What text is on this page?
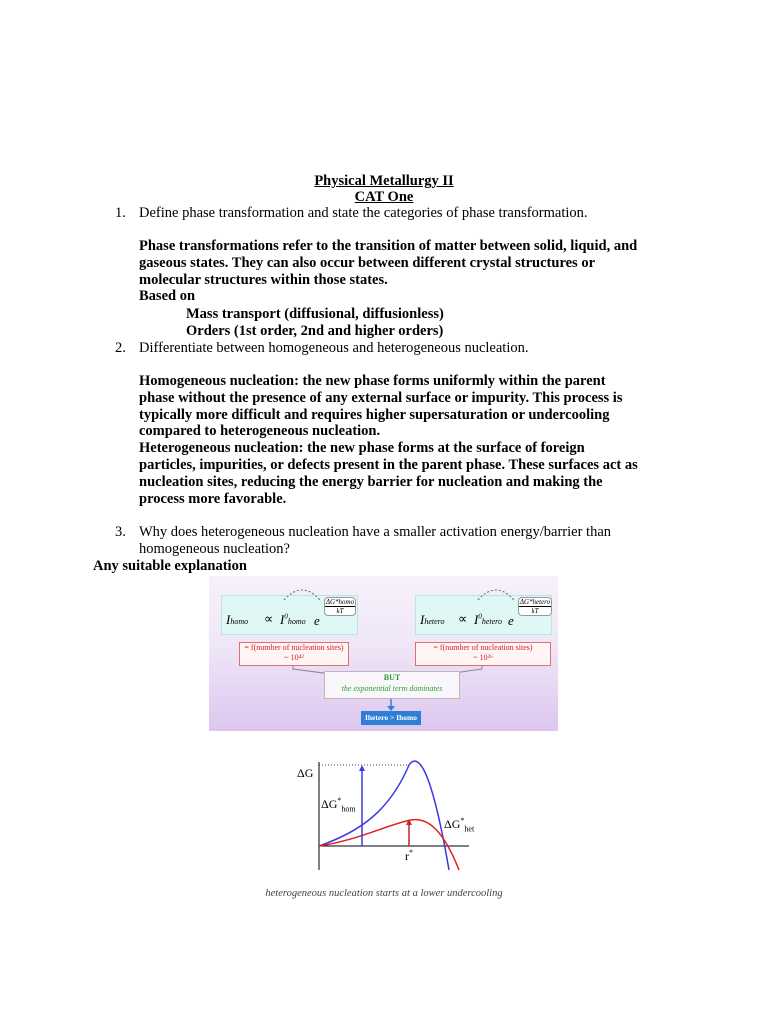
Physical Metallurgy II
CAT One
1. Define phase transformation and state the categories of phase transformation.
Phase transformations refer to the transition of matter between solid, liquid, and
gaseous states. They can also occur between different crystal structures or
molecular structures within those states.
Based on
Mass transport (diffusional, diffusionless)
Orders (1st order, 2nd and higher orders)
2. Differentiate between homogeneous and heterogeneous nucleation.
Homogeneous nucleation: the new phase forms uniformly within the parent
phase without the presence of any external surface or impurity. This process is
typically more difficult and requires higher supersaturation or undercooling
compared to heterogeneous nucleation.
Heterogeneous nucleation: the new phase forms at the surface of foreign
particles, impurities, or defects present in the parent phase. These surfaces act as
nucleation sites, reducing the energy barrier for nucleation and making the
process more favorable.
3. Why does heterogeneous nucleation have a smaller activation energy/barrier than
homogeneous nucleation?
Any suitable explanation
Ihomo ∝ $I^0homo$ e
ΔG*homo
kT
Ihetero ∝ $I^0hetero$ e
ΔG*hetero
kT
= f(number of nucleation sites)
~ 10⁴²
= f(number of nucleation sites)
~ 10²⁶
BUT
the exponential term dominates
Ihetero > Ihomo
ΔG
$\Delta G^*_{hom}$
$\Delta G^*_{het}$
r*
heterogeneous nucleation starts at a lower undercooling
